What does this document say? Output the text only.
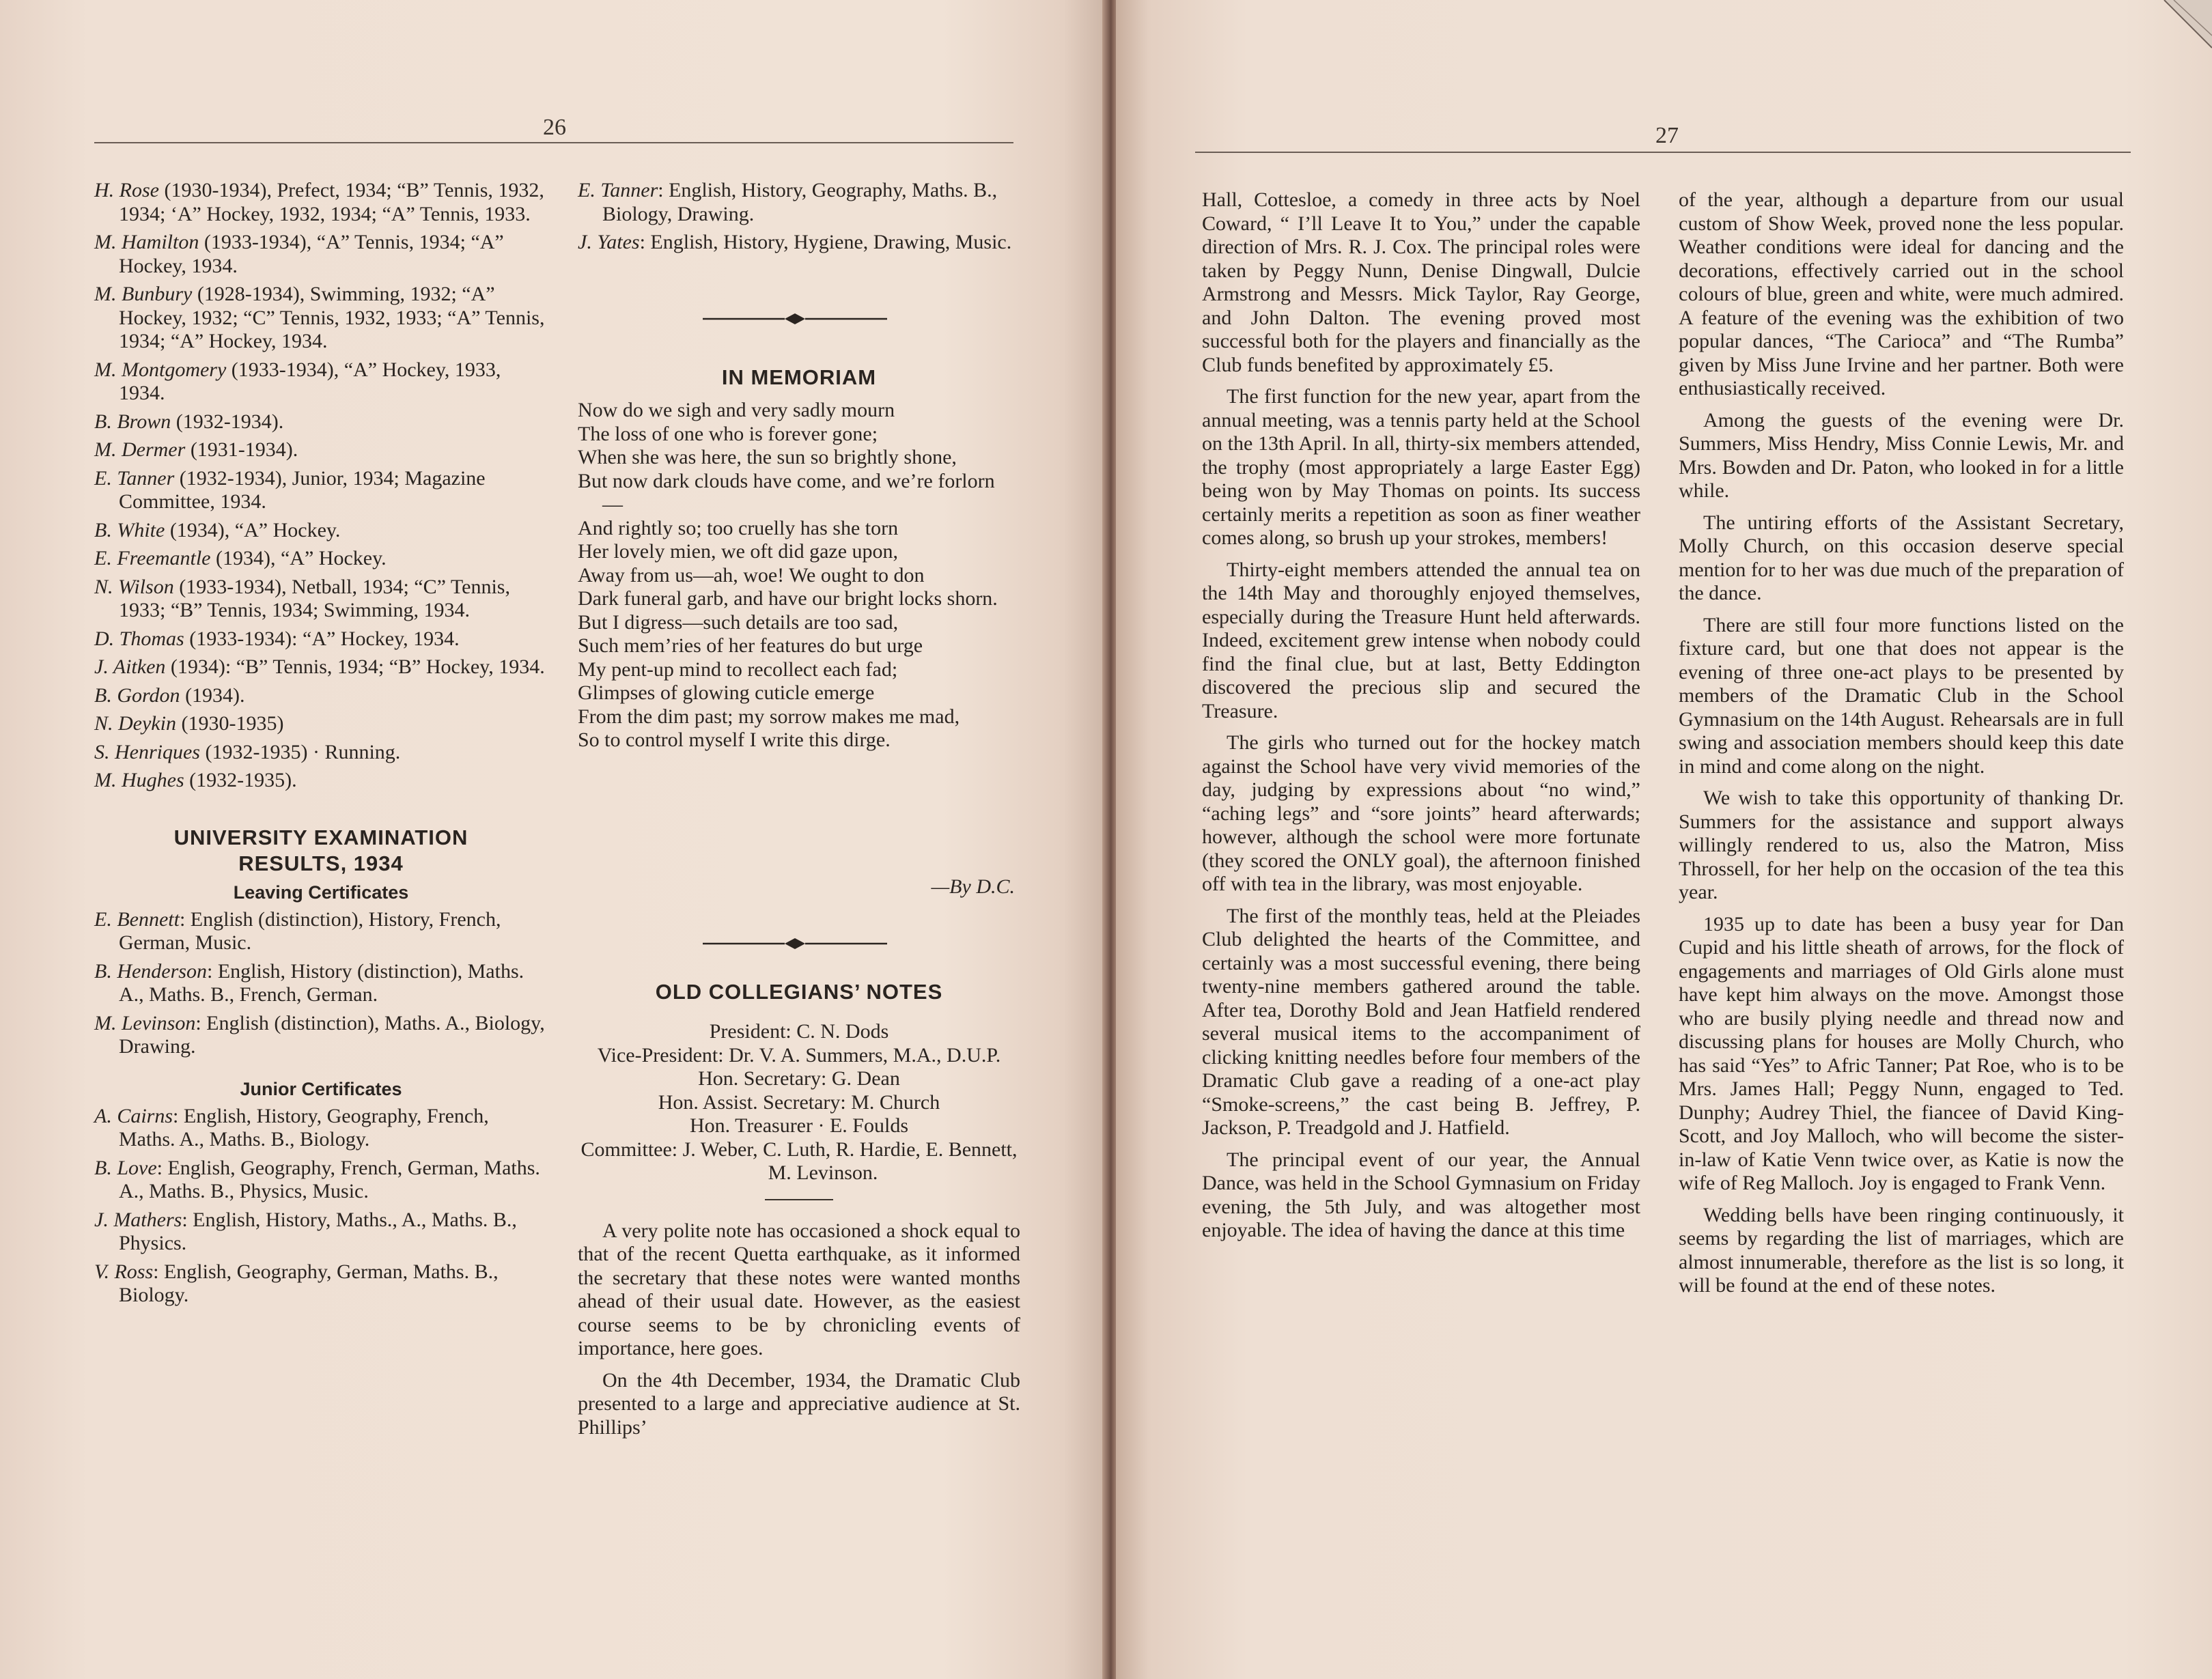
26

H. Rose (1930-1934), Prefect, 1934; “B” Tennis, 1932, 1934; ‘A” Hockey, 1932, 1934; “A” Tennis, 1933.

M. Hamilton (1933-1934), “A” Tennis, 1934; “A” Hockey, 1934.

M. Bunbury (1928-1934), Swimming, 1932; “A” Hockey, 1932; “C” Tennis, 1932, 1933; “A” Tennis, 1934; “A” Hockey, 1934.

M. Montgomery (1933-1934), “A” Hockey, 1933, 1934.

B. Brown (1932-1934).

M. Dermer (1931-1934).

E. Tanner (1932-1934), Junior, 1934; Magazine Committee, 1934.

B. White (1934), “A” Hockey.

E. Freemantle (1934), “A” Hockey.

N. Wilson (1933-1934), Netball, 1934; “C” Tennis, 1933; “B” Tennis, 1934; Swimming, 1934.

D. Thomas (1933-1934): “A” Hockey, 1934.

J. Aitken (1934): “B” Tennis, 1934; “B” Hockey, 1934.

B. Gordon (1934).

N. Deykin (1930-1935)

S. Henriques (1932-1935) · Running.

M. Hughes (1932-1935).

UNIVERSITY EXAMINATION

RESULTS, 1934

Leaving Certificates

E. Bennett: English (distinction), History, French, German, Music.

B. Henderson: English, History (distinction), Maths. A., Maths. B., French, German.

M. Levinson: English (distinction), Maths. A., Biology, Drawing.

Junior Certificates

A. Cairns: English, History, Geography, French, Maths. A., Maths. B., Biology.

B. Love: English, Geography, French, German, Maths. A., Maths. B., Physics, Music.

J. Mathers: English, History, Maths., A., Maths. B., Physics.

V. Ross: English, Geography, German, Maths. B., Biology.

E. Tanner: English, History, Geography, Maths. B., Biology, Drawing.

J. Yates: English, History, Hygiene, Drawing, Music.

IN MEMORIAM

Now do we sigh and very sadly mourn

The loss of one who is forever gone;

When she was here, the sun so brightly shone,

But now dark clouds have come, and we’re forlorn—

And rightly so; too cruelly has she torn

Her lovely mien, we oft did gaze upon,

Away from us—ah, woe! We ought to don

Dark funeral garb, and have our bright locks shorn.

But I digress—such details are too sad,

Such mem’ries of her features do but urge

My pent-up mind to recollect each fad;

Glimpses of glowing cuticle emerge

From the dim past; my sorrow makes me mad,

So to control myself I write this dirge.

—By D.C.

OLD COLLEGIANS’ NOTES

President: C. N. Dods

Vice-President: Dr. V. A. Summers, M.A., D.U.P.

Hon. Secretary: G. Dean

Hon. Assist. Secretary: M. Church

Hon. Treasurer · E. Foulds

Committee: J. Weber, C. Luth, R. Hardie, E. Bennett, M. Levinson.

A very polite note has occasioned a shock equal to that of the recent Quetta earthquake, as it informed the secretary that these notes were wanted months ahead of their usual date. However, as the easiest course seems to be by chronicling events of importance, here goes.

On the 4th December, 1934, the Dramatic Club presented to a large and appreciative audience at St. Phillips’

27

Hall, Cottesloe, a comedy in three acts by Noel Coward, “ I’ll Leave It to You,” under the capable direction of Mrs. R. J. Cox. The principal roles were taken by Peggy Nunn, Denise Dingwall, Dulcie Armstrong and Messrs. Mick Taylor, Ray George, and John Dalton. The evening proved most successful both for the players and financially as the Club funds benefited by approximately £5.

The first function for the new year, apart from the annual meeting, was a tennis party held at the School on the 13th April. In all, thirty-six members attended, the trophy (most appropriately a large Easter Egg) being won by May Thomas on points. Its success certainly merits a repetition as soon as finer weather comes along, so brush up your strokes, members!

Thirty-eight members attended the annual tea on the 14th May and thoroughly enjoyed themselves, especially during the Treasure Hunt held afterwards. Indeed, excitement grew intense when nobody could find the final clue, but at last, Betty Eddington discovered the precious slip and secured the Treasure.

The girls who turned out for the hockey match against the School have very vivid memories of the day, judging by expressions about “no wind,” “aching legs” and “sore joints” heard afterwards; however, although the school were more fortunate (they scored the ONLY goal), the afternoon finished off with tea in the library, was most enjoyable.

The first of the monthly teas, held at the Pleiades Club delighted the hearts of the Committee, and certainly was a most successful evening, there being twenty-nine members gathered around the table. After tea, Dorothy Bold and Jean Hatfield rendered several musical items to the accompaniment of clicking knitting needles before four members of the Dramatic Club gave a reading of a one-act play “Smoke-screens,” the cast being B. Jeffrey, P. Jackson, P. Treadgold and J. Hatfield.

The principal event of our year, the Annual Dance, was held in the School Gymnasium on Friday evening, the 5th July, and was altogether most enjoyable. The idea of having the dance at this time

of the year, although a departure from our usual custom of Show Week, proved none the less popular. Weather conditions were ideal for dancing and the decorations, effectively carried out in the school colours of blue, green and white, were much admired. A feature of the evening was the exhibition of two popular dances, “The Carioca” and “The Rumba” given by Miss June Irvine and her partner. Both were enthusiastically received.

Among the guests of the evening were Dr. Summers, Miss Hendry, Miss Connie Lewis, Mr. and Mrs. Bowden and Dr. Paton, who looked in for a little while.

The untiring efforts of the Assistant Secretary, Molly Church, on this occasion deserve special mention for to her was due much of the preparation of the dance.

There are still four more functions listed on the fixture card, but one that does not appear is the evening of three one-act plays to be presented by members of the Dramatic Club in the School Gymnasium on the 14th August. Rehearsals are in full swing and association members should keep this date in mind and come along on the night.

We wish to take this opportunity of thanking Dr. Summers for the assistance and support always willingly rendered to us, also the Matron, Miss Throssell, for her help on the occasion of the tea this year.

1935 up to date has been a busy year for Dan Cupid and his little sheath of arrows, for the flock of engagements and marriages of Old Girls alone must have kept him always on the move. Amongst those who are busily plying needle and thread now and discussing plans for houses are Molly Church, who has said “Yes” to Afric Tanner; Pat Roe, who is to be Mrs. James Hall; Peggy Nunn, engaged to Ted. Dunphy; Audrey Thiel, the fiancee of David King-Scott, and Joy Malloch, who will become the sister-in-law of Katie Venn twice over, as Katie is now the wife of Reg Malloch. Joy is engaged to Frank Venn.

Wedding bells have been ringing continuously, it seems by regarding the list of marriages, which are almost innumerable, therefore as the list is so long, it will be found at the end of these notes.
